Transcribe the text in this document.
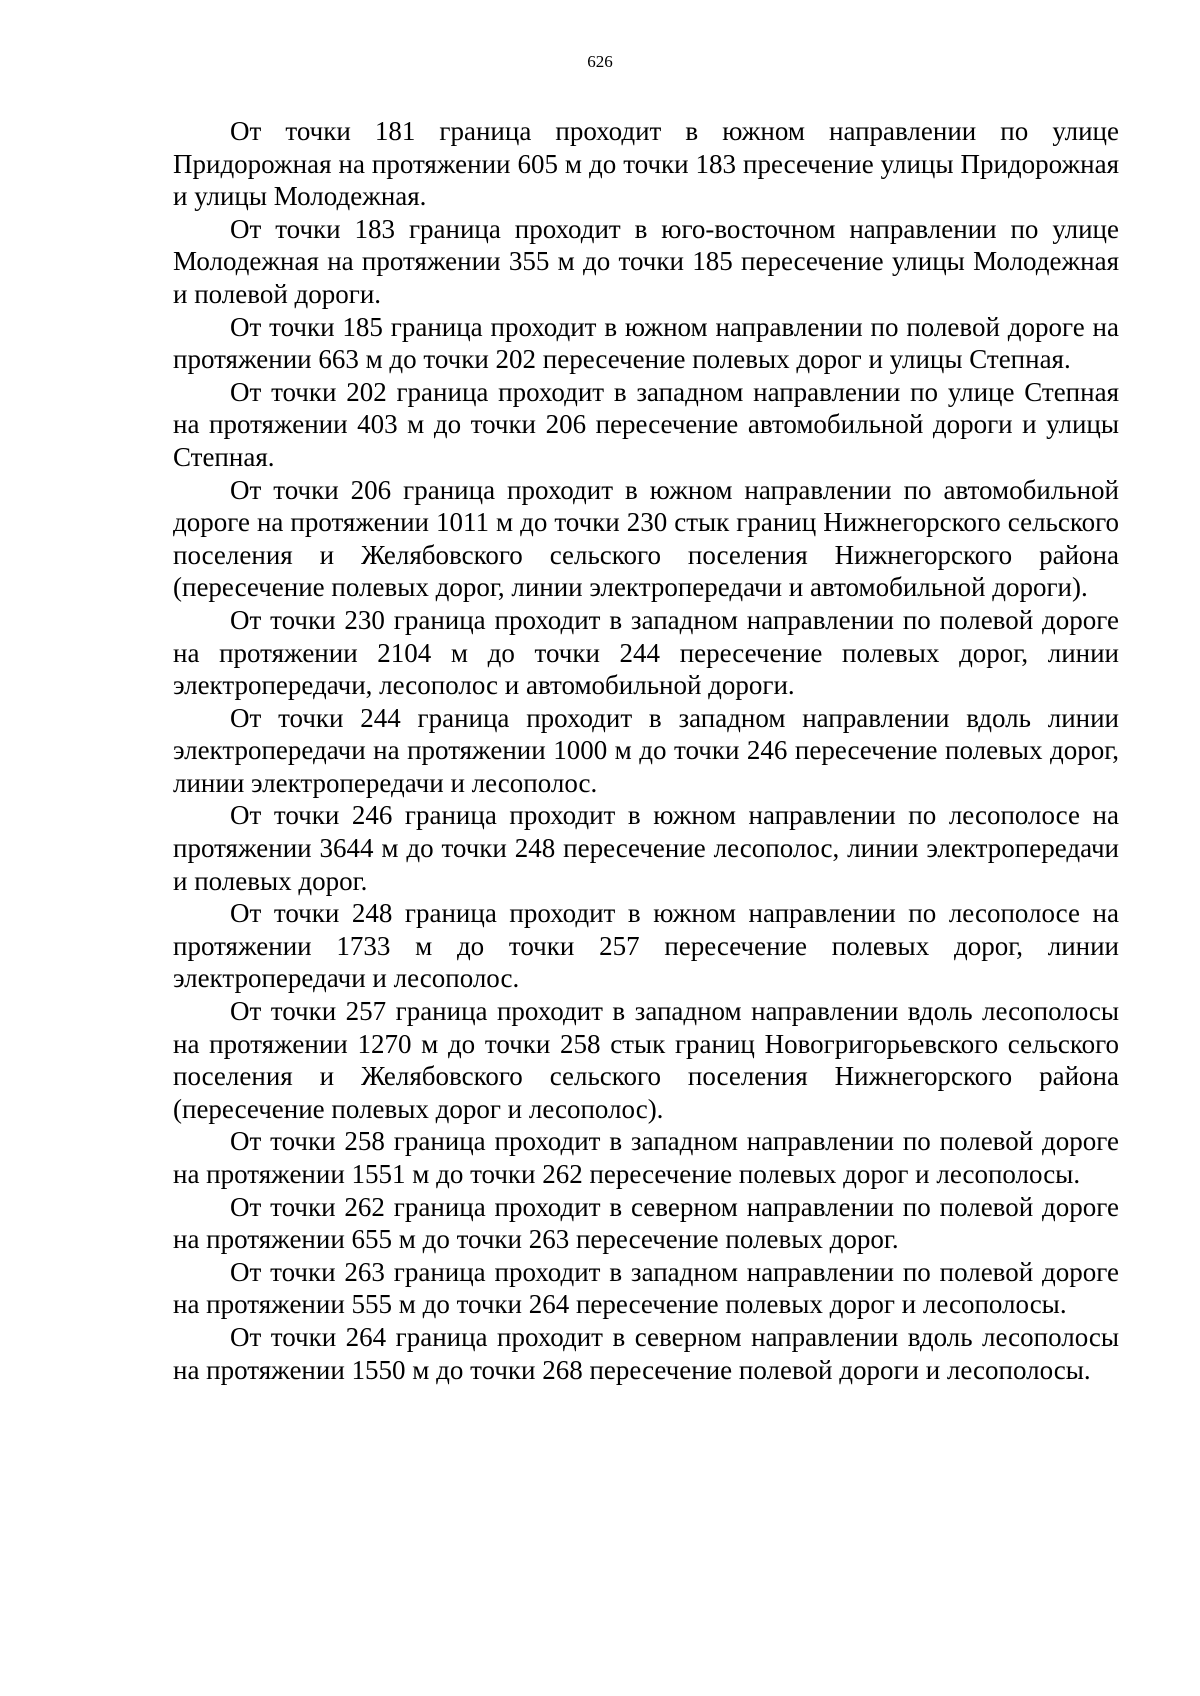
626

От точки 181 граница проходит в южном направлении по улице Придорожная на протяжении 605 м до точки 183 пресечение улицы Придорожная и улицы Молодежная.

От точки 183 граница проходит в юго-восточном направлении по улице Молодежная на протяжении 355 м до точки 185 пересечение улицы Молодежная и полевой дороги.

От точки 185 граница проходит в южном направлении по полевой дороге на протяжении 663 м до точки 202 пересечение полевых дорог и улицы Степная.

От точки 202 граница проходит в западном направлении по улице Степная на протяжении 403 м до точки 206 пересечение автомобильной дороги и улицы Степная.

От точки 206 граница проходит в южном направлении по автомобильной дороге на протяжении 1011 м до точки 230 стык границ Нижнегорского сельского поселения и Желябовского сельского поселения Нижнегорского района (пересечение полевых дорог, линии электропередачи и автомобильной дороги).

От точки 230 граница проходит в западном направлении по полевой дороге на протяжении 2104 м до точки 244 пересечение полевых дорог, линии электропередачи, лесополос и автомобильной дороги.

От точки 244 граница проходит в западном направлении вдоль линии электропередачи на протяжении 1000 м до точки 246 пересечение полевых дорог, линии электропередачи и лесополос.

От точки 246 граница проходит в южном направлении по лесополосе на протяжении 3644 м до точки 248 пересечение лесополос, линии электропередачи и полевых дорог.

От точки 248 граница проходит в южном направлении по лесополосе на протяжении 1733 м до точки 257 пересечение полевых дорог, линии электропередачи и лесополос.

От точки 257 граница проходит в западном направлении вдоль лесополосы на протяжении 1270 м до точки 258 стык границ Новогригорьевского сельского поселения и Желябовского сельского поселения Нижнегорского района (пересечение полевых дорог и лесополос).

От точки 258 граница проходит в западном направлении по полевой дороге на протяжении 1551 м до точки 262 пересечение полевых дорог и лесополосы.

От точки 262 граница проходит в северном направлении по полевой дороге на протяжении 655 м до точки 263 пересечение полевых дорог.

От точки 263 граница проходит в западном направлении по полевой дороге на протяжении 555 м до точки 264 пересечение полевых дорог и лесополосы.

От точки 264 граница проходит в северном направлении вдоль лесополосы на протяжении 1550 м до точки 268 пересечение полевой дороги и лесополосы.
